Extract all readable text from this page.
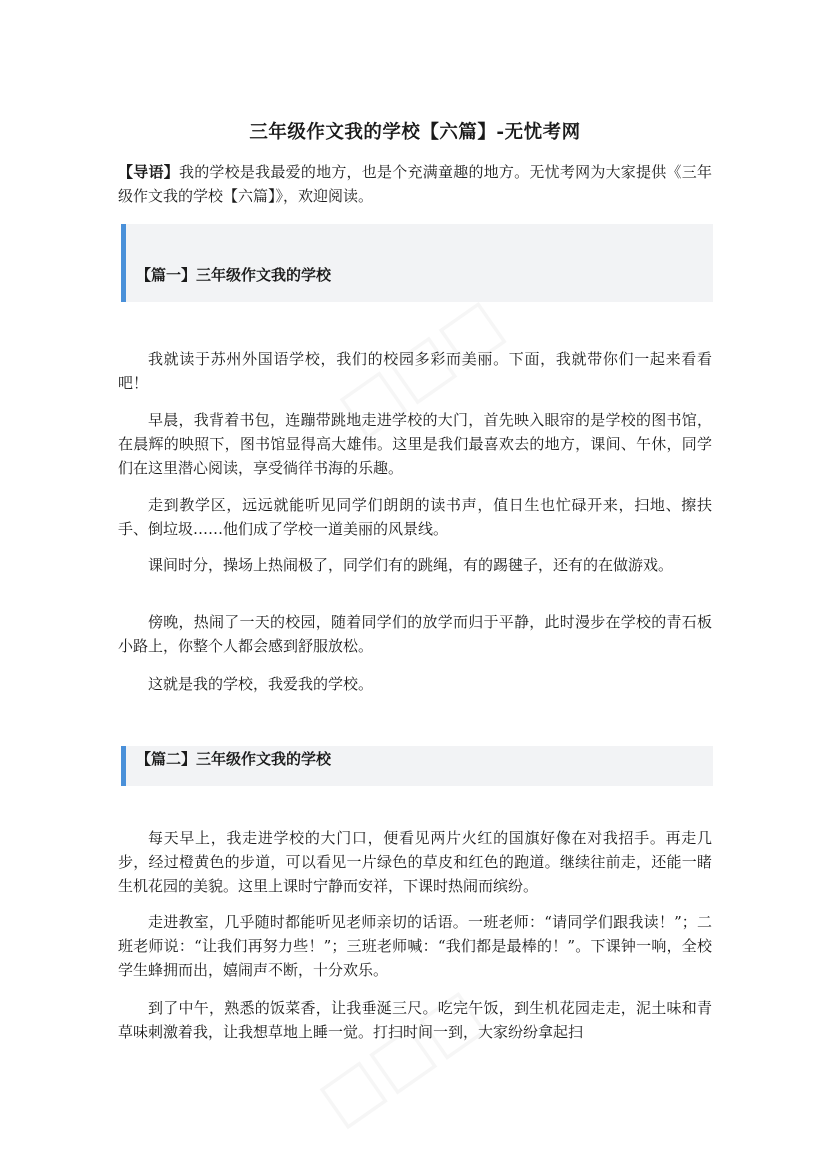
三年级作文我的学校【六篇】-无忧考网

【导语】我的学校是我最爱的地方，也是个充满童趣的地方。无忧考网为大家提供《三年级作文我的学校【六篇】》，欢迎阅读。

【篇一】三年级作文我的学校

我就读于苏州外国语学校，我们的校园多彩而美丽。下面，我就带你们一起来看看吧！

早晨，我背着书包，连蹦带跳地走进学校的大门，首先映入眼帘的是学校的图书馆，在晨辉的映照下，图书馆显得高大雄伟。这里是我们最喜欢去的地方，课间、午休，同学们在这里潜心阅读，享受徜徉书海的乐趣。

走到教学区，远远就能听见同学们朗朗的读书声，值日生也忙碌开来，扫地、擦扶手、倒垃圾……他们成了学校一道美丽的风景线。

课间时分，操场上热闹极了，同学们有的跳绳，有的踢毽子，还有的在做游戏。

傍晚，热闹了一天的校园，随着同学们的放学而归于平静，此时漫步在学校的青石板小路上，你整个人都会感到舒服放松。

这就是我的学校，我爱我的学校。

【篇二】三年级作文我的学校

每天早上，我走进学校的大门口，便看见两片火红的国旗好像在对我招手。再走几步，经过橙黄色的步道，可以看见一片绿色的草皮和红色的跑道。继续往前走，还能一睹生机花园的美貌。这里上课时宁静而安祥，下课时热闹而缤纷。

走进教室，几乎随时都能听见老师亲切的话语。一班老师：“请同学们跟我读！”；二班老师说：“让我们再努力些！”；三班老师喊：“我们都是最棒的！”。下课钟一响，全校学生蜂拥而出，嬉闹声不断，十分欢乐。

到了中午，熟悉的饭菜香，让我垂涎三尺。吃完午饭，到生机花园走走，泥土味和青草味刺激着我，让我想草地上睡一觉。打扫时间一到，大家纷纷拿起扫
